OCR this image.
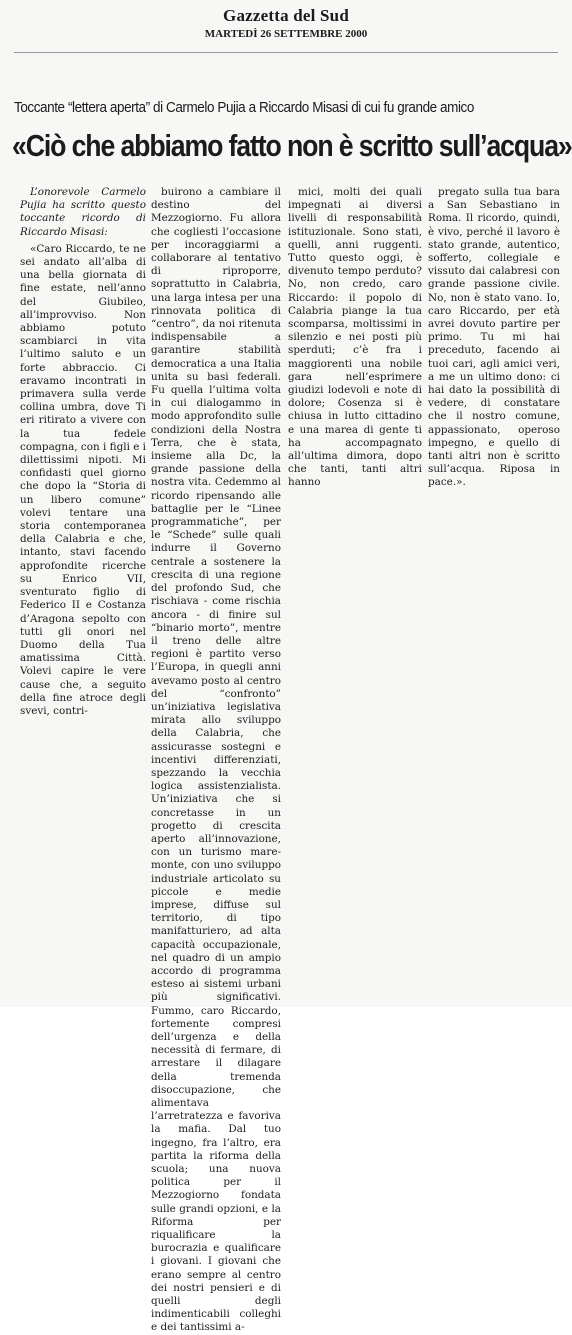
Gazzetta del Sud
MARTEDÌ 26 SETTEMBRE 2000
Toccante “lettera aperta” di Carmelo Pujia a Riccardo Misasi di cui fu grande amico
«Ciò che abbiamo fatto non è scritto sull’acqua»

L’onorevole Carmelo Pujia ha scritto questo toccante ricordo di Riccardo Misasi:

«Caro Riccardo, te ne sei andato all’alba di una bella giornata di fine estate, nell’anno del Giubileo, all’improvviso. Non abbiamo potuto scambiarci in vita l’ultimo saluto e un forte abbraccio. Ci eravamo incontrati in primavera sulla verde collina umbra, dove Ti eri ritirato a vivere con la tua fedele compagna, con i figli e i dilettissimi nipoti. Mi confidasti quel giorno che dopo la “Storia di un libero comune” volevi tentare una storia contemporanea della Calabria e che, intanto, stavi facendo approfondite ricerche su Enrico VII, sventurato figlio di Federico II e Costanza d’Aragona sepolto con tutti gli onori nel Duomo della Tua amatissima Città. Volevi capire le vere cause che, a seguito della fine atroce degli svevi, contri-

buirono a cambiare il destino del Mezzogiorno. Fu allora che cogliesti l’occasione per incoraggiarmi a collaborare al tentativo di riproporre, soprattutto in Calabria, una larga intesa per una rinnovata politica di “centro”, da noi ritenuta indispensabile a garantire stabilità democratica a una Italia unita su basi federali. Fu quella l’ultima volta in cui dialogammo in modo approfondito sulle condizioni della Nostra Terra, che è stata, insieme alla Dc, la grande passione della nostra vita. Cedemmo al ricordo ripensando alle battaglie per le “Linee programmatiche”, per le “Schede” sulle quali indurre il Governo centrale a sostenere la crescita di una regione del profondo Sud, che rischiava - come rischia ancora - di finire sul “binario morto”, mentre il treno delle altre regioni è partito verso l’Europa, in quegli anni avevamo posto al centro del “confronto” un’iniziativa legislativa mirata allo sviluppo della Calabria, che assicurasse sostegni e incentivi differenziati, spezzando la vecchia logica assistenzialista. Un’iniziativa che si concretasse in un progetto di crescita aperto all’innovazione, con un turismo mare-monte, con uno sviluppo industriale articolato su piccole e medie imprese, diffuse sul territorio, di tipo manifatturiero, ad alta capacità occupazionale, nel quadro di un ampio accordo di programma esteso ai sistemi urbani più significativi. Fummo, caro Riccardo, fortemente compresi dell’urgenza e della necessità di fermare, di arrestare il dilagare della tremenda disoccupazione, che alimentava l’arretratezza e favoriva la mafia. Dal tuo ingegno, fra l’altro, era partita la riforma della scuola; una nuova politica per il Mezzogiorno fondata sulle grandi opzioni, e la Riforma per riqualificare la burocrazia e qualificare i giovani. I giovani che erano sempre al centro dei nostri pensieri e di quelli degli indimenticabili colleghi e dei tantissimi a-

mici, molti dei quali impegnati ai diversi livelli di responsabilità istituzionale. Sono stati, quelli, anni ruggenti. Tutto questo oggi, è divenuto tempo perduto? No, non credo, caro Riccardo: il popolo di Calabria piange la tua scomparsa, moltissimi in silenzio e nei posti più sperduti; c’è fra i maggiorenti una nobile gara nell’esprimere giudizi lodevoli e note di dolore; Cosenza si è chiusa in lutto cittadino e una marea di gente ti ha accompagnato all’ultima dimora, dopo che tanti, tanti altri hanno

pregato sulla tua bara a San Sebastiano in Roma. Il ricordo, quindi, è vivo, perché il lavoro è stato grande, autentico, sofferto, collegiale e vissuto dai calabresi con grande passione civile. No, non è stato vano. Io, caro Riccardo, per età avrei dovuto partire per primo. Tu mi hai preceduto, facendo ai tuoi cari, agli amici veri, a me un ultimo dono: ci hai dato la possibilità di vedere, di constatare che il nostro comune, appassionato, operoso impegno, e quello di tanti altri non è scritto sull’acqua. Riposa in pace.».
